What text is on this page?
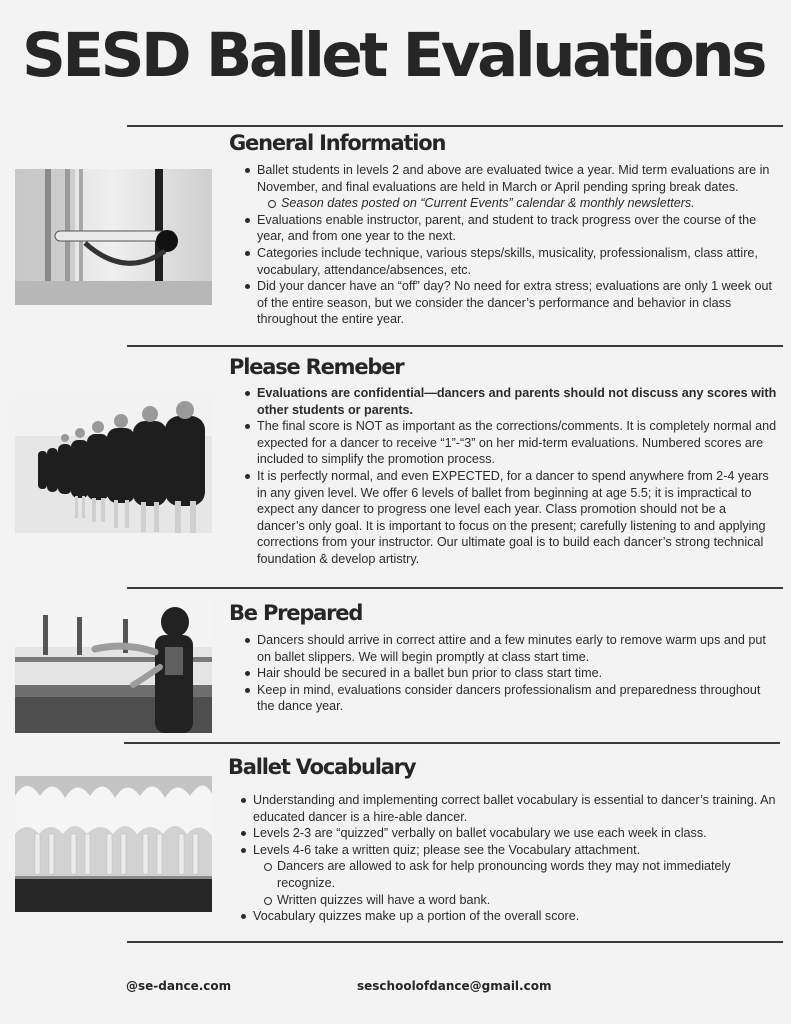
SESD Ballet Evaluations
General Information
Ballet students in levels 2 and above are evaluated twice a year. Mid term evaluations are in November, and final evaluations are held in March or April pending spring break dates.
Season dates posted on “Current Events” calendar & monthly newsletters.
Evaluations enable instructor, parent, and student to track progress over the course of the year, and from one year to the next.
Categories include technique, various steps/skills, musicality, professionalism, class attire, vocabulary, attendance/absences, etc.
Did your dancer have an “off” day? No need for extra stress; evaluations are only 1 week out of the entire season, but we consider the dancer’s performance and behavior in class throughout the entire year.
Please Remeber
Evaluations are confidential—dancers and parents should not discuss any scores with other students or parents.
The final score is NOT as important as the corrections/comments. It is completely normal and expected for a dancer to receive “1”-“3” on her mid-term evaluations. Numbered scores are included to simplify the promotion process.
It is perfectly normal, and even EXPECTED, for a dancer to spend anywhere from 2-4 years in any given level. We offer 6 levels of ballet from beginning at age 5.5; it is impractical to expect any dancer to progress one level each year. Class promotion should not be a dancer’s only goal. It is important to focus on the present; carefully listening to and applying corrections from your instructor. Our ultimate goal is to build each dancer’s strong technical foundation & develop artistry.
Be Prepared
Dancers should arrive in correct attire and a few minutes early to remove warm ups and put on ballet slippers. We will begin promptly at class start time.
Hair should be secured in a ballet bun prior to class start time.
Keep in mind, evaluations consider dancers professionalism and preparedness throughout the dance year.
Ballet Vocabulary
Understanding and implementing correct ballet vocabulary is essential to dancer’s training. An educated dancer is a hire-able dancer.
Levels 2-3 are “quizzed” verbally on ballet vocabulary we use each week in class.
Levels 4-6 take a written quiz; please see the Vocabulary attachment.
Dancers are allowed to ask for help pronouncing words they may not immediately recognize.
Written quizzes will have a word bank.
Vocabulary quizzes make up a portion of the overall score.
@se-dance.com	seschoolofdance@gmail.com
